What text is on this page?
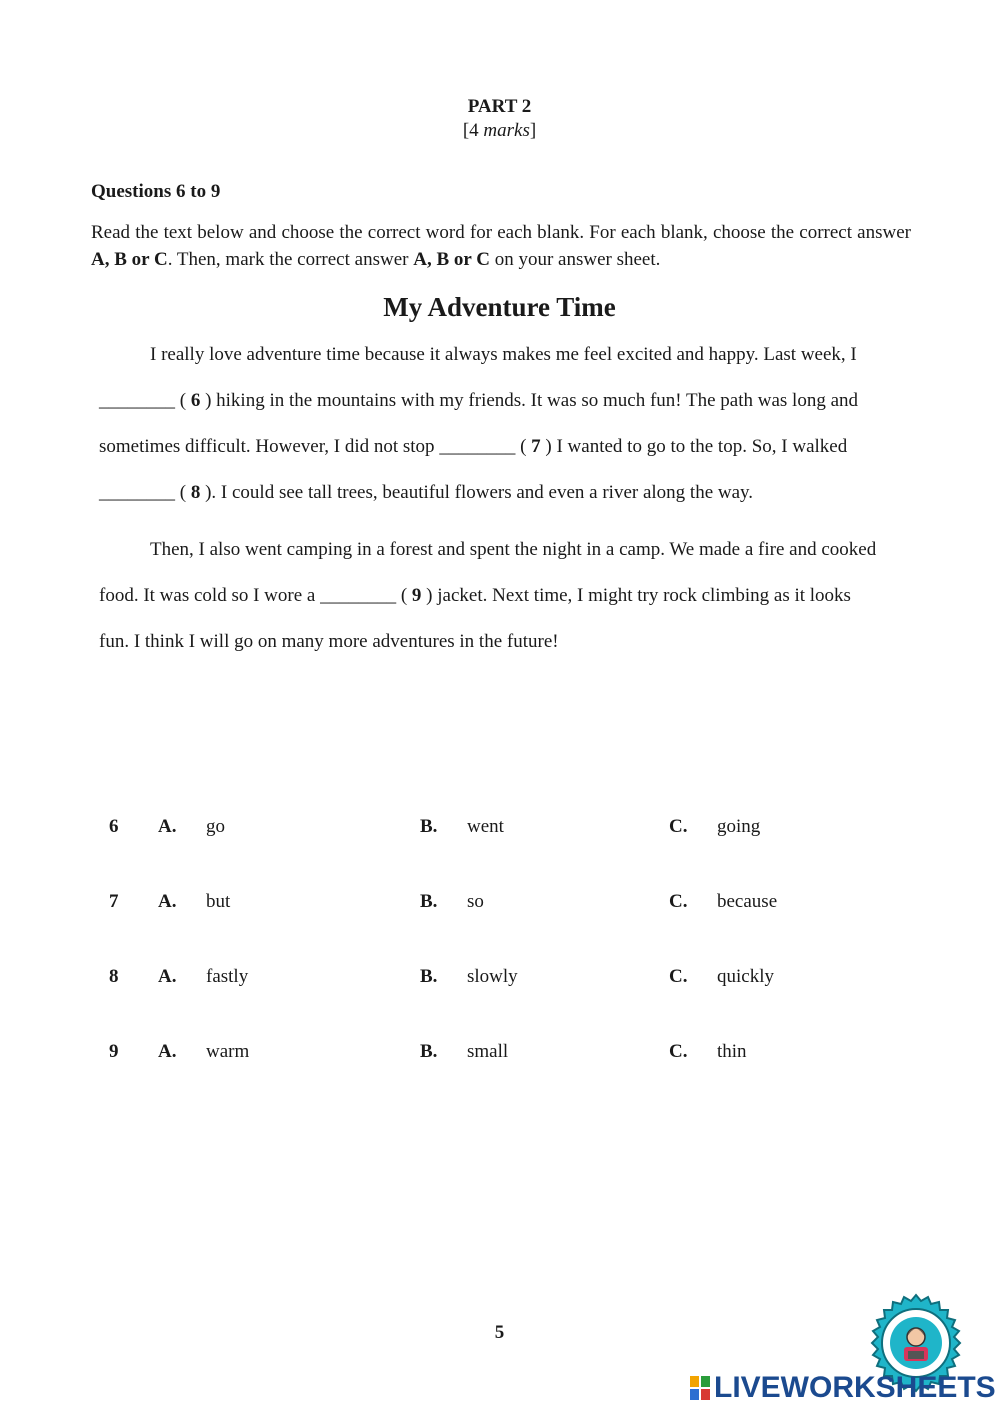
PART 2
[4 marks]
Questions 6 to 9
Read the text below and choose the correct word for each blank. For each blank, choose the correct answer A, B or C. Then, mark the correct answer A, B or C on your answer sheet.
My Adventure Time
I really love adventure time because it always makes me feel excited and happy. Last week, I
________ ( 6 ) hiking in the mountains with my friends. It was so much fun! The path was long and
sometimes difficult. However, I did not stop ________ ( 7 ) I wanted to go to the top. So, I walked
________ ( 8 ). I could see tall trees, beautiful flowers and even a river along the way.
Then, I also went camping in a forest and spent the night in a camp. We made a fire and cooked
food. It was cold so I wore a ________ ( 9 ) jacket. Next time, I might try rock climbing as it looks
fun. I think I will go on many more adventures in the future!
6 A. go	B. went	C. going
7 A. but	B. so	C. because
8 A. fastly	B. slowly	C. quickly
9 A. warm	B. small	C. thin
5
LIVEWORKSHEETS
